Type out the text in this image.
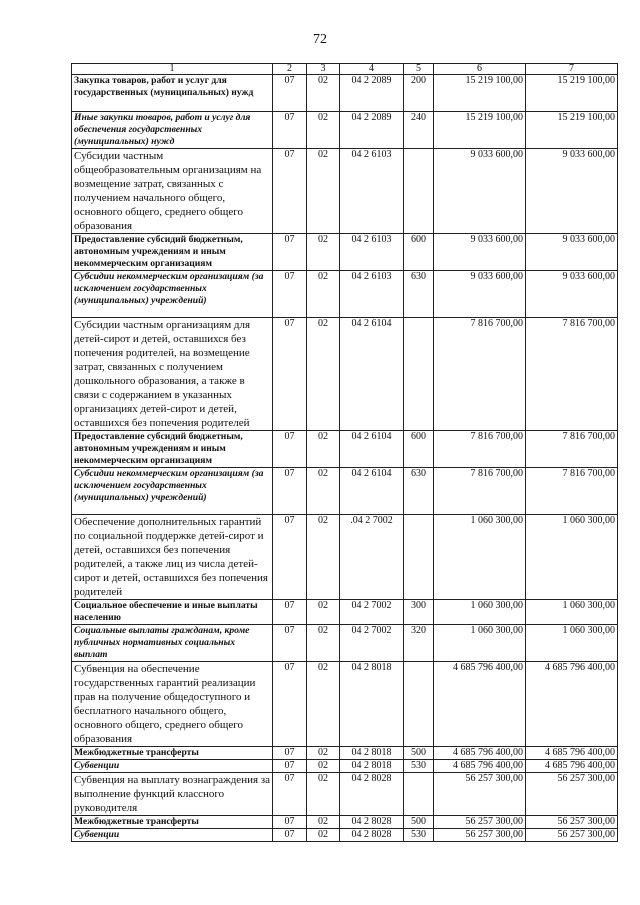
72
1	2	3	4	5	6	7
Закупка товаров, работ и услуг для государственных (муниципальных) нужд	07	02	04 2 2089	200	15 219 100,00	15 219 100,00
Иные закупки товаров, работ и услуг для обеспечения государственных (муниципальных) нужд	07	02	04 2 2089	240	15 219 100,00	15 219 100,00
Субсидии частным общеобразовательным организациям на возмещение затрат, связанных с получением начального общего, основного общего, среднего общего образования	07	02	04 2 6103		9 033 600,00	9 033 600,00
Предоставление субсидий бюджетным, автономным учреждениям и иным некоммерческим организациям	07	02	04 2 6103	600	9 033 600,00	9 033 600,00
Субсидии некоммерческим организациям (за исключением государственных (муниципальных) учреждений)	07	02	04 2 6103	630	9 033 600,00	9 033 600,00
Субсидии частным организациям для детей-сирот и детей, оставшихся без попечения родителей, на возмещение затрат, связанных с получением дошкольного образования, а также в связи с содержанием в указанных организациях детей-сирот и детей, оставшихся без попечения родителей	07	02	04 2 6104		7 816 700,00	7 816 700,00
Предоставление субсидий бюджетным, автономным учреждениям и иным некоммерческим организациям	07	02	04 2 6104	600	7 816 700,00	7 816 700,00
Субсидии некоммерческим организациям (за исключением государственных (муниципальных) учреждений)	07	02	04 2 6104	630	7 816 700,00	7 816 700,00
Обеспечение дополнительных гарантий по социальной поддержке детей-сирот и детей, оставшихся без попечения родителей, а также лиц из числа детей-сирот и детей, оставшихся без попечения родителей	07	02	.04 2 7002		1 060 300,00	1 060 300,00
Социальное обеспечение и иные выплаты населению	07	02	04 2 7002	300	1 060 300,00	1 060 300,00
Социальные выплаты гражданам, кроме публичных нормативных социальных выплат	07	02	04 2 7002	320	1 060 300,00	1 060 300,00
Субвенция на обеспечение государственных гарантий реализации прав на получение общедоступного и бесплатного начального общего, основного общего, среднего общего образования	07	02	04 2 8018		4 685 796 400,00	4 685 796 400,00
Межбюджетные трансферты	07	02	04 2 8018	500	4 685 796 400,00	4 685 796 400,00
Субвенции	07	02	04 2 8018	530	4 685 796 400,00	4 685 796 400,00
Субвенция на выплату вознаграждения за выполнение функций классного руководителя	07	02	04 2 8028		56 257 300,00	56 257 300,00
Межбюджетные трансферты	07	02	04 2 8028	500	56 257 300,00	56 257 300,00
Субвенции	07	02	04 2 8028	530	56 257 300,00	56 257 300,00
